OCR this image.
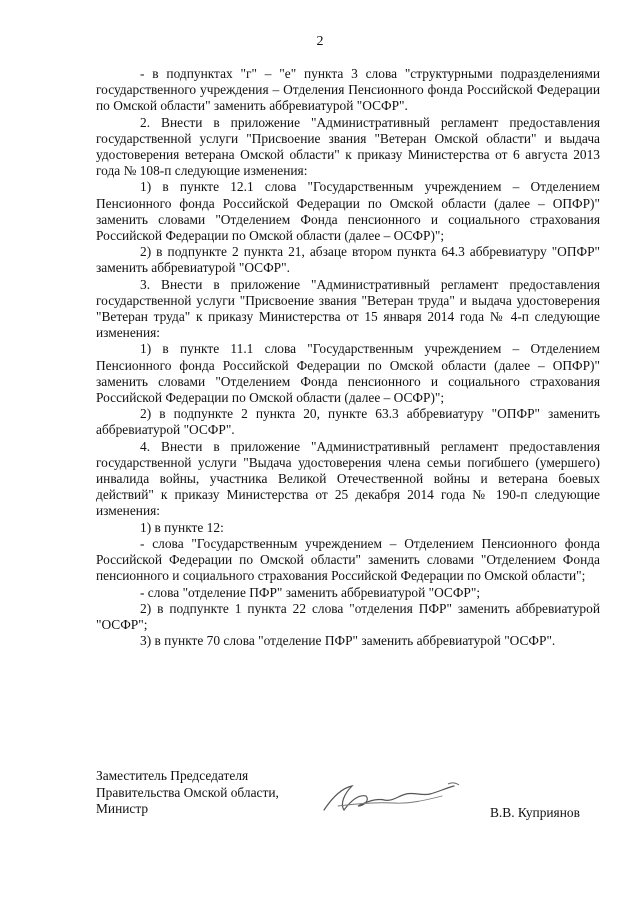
2

- в подпунктах "г" – "е" пункта 3 слова "структурными подразделениями государственного учреждения – Отделения Пенсионного фонда Российской Федерации по Омской области" заменить аббревиатурой "ОСФР".

2. Внести в приложение "Административный регламент предоставления государственной услуги "Присвоение звания "Ветеран Омской области" и выдача удостоверения ветерана Омской области" к приказу Министерства от 6 августа 2013 года № 108-п следующие изменения:

1) в пункте 12.1 слова "Государственным учреждением – Отделением Пенсионного фонда Российской Федерации по Омской области (далее – ОПФР)" заменить словами "Отделением Фонда пенсионного и социального страхования Российской Федерации по Омской области (далее – ОСФР)";

2) в подпункте 2 пункта 21, абзаце втором пункта 64.3 аббревиатуру "ОПФР" заменить аббревиатурой "ОСФР".

3. Внести в приложение "Административный регламент предоставления государственной услуги "Присвоение звания "Ветеран труда" и выдача удостоверения "Ветеран труда" к приказу Министерства от 15 января 2014 года № 4-п следующие изменения:

1) в пункте 11.1 слова "Государственным учреждением – Отделением Пенсионного фонда Российской Федерации по Омской области (далее – ОПФР)" заменить словами "Отделением Фонда пенсионного и социального страхования Российской Федерации по Омской области (далее – ОСФР)";

2) в подпункте 2 пункта 20, пункте 63.3 аббревиатуру "ОПФР" заменить аббревиатурой "ОСФР".

4. Внести в приложение "Административный регламент предоставления государственной услуги "Выдача удостоверения члена семьи погибшего (умершего) инвалида войны, участника Великой Отечественной войны и ветерана боевых действий" к приказу Министерства от 25 декабря 2014 года № 190-п следующие изменения:

1) в пункте 12:

- слова "Государственным учреждением – Отделением Пенсионного фонда Российской Федерации по Омской области" заменить словами "Отделением Фонда пенсионного и социального страхования Российской Федерации по Омской области";

- слова "отделение ПФР" заменить аббревиатурой "ОСФР";

2) в подпункте 1 пункта 22 слова "отделения ПФР" заменить аббревиатурой "ОСФР";

3) в пункте 70 слова "отделение ПФР" заменить аббревиатурой "ОСФР".

Заместитель Председателя
Правительства Омской области,
Министр	В.В. Куприянов
